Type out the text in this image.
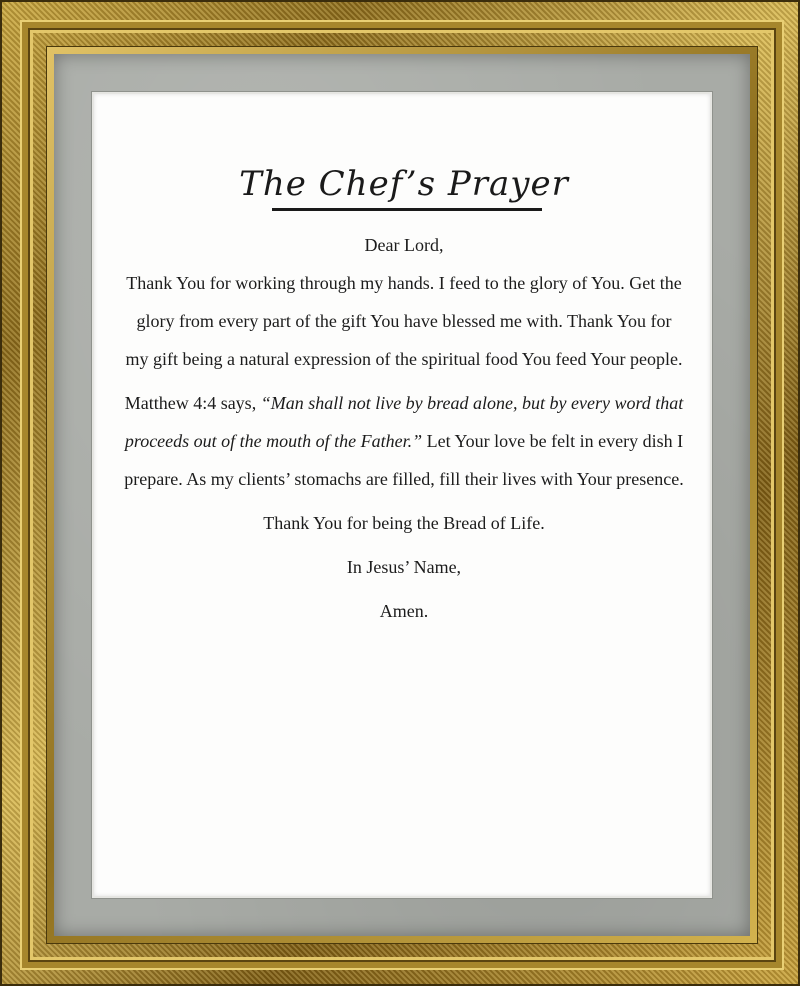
The Chef’s Prayer

Dear Lord,

Thank You for working through my hands. I feed to the glory of You. Get the glory from every part of the gift You have blessed me with. Thank You for my gift being a natural expression of the spiritual food You feed Your people.

Matthew 4:4 says, “Man shall not live by bread alone, but by every word that proceeds out of the mouth of the Father.” Let Your love be felt in every dish I prepare. As my clients’ stomachs are filled, fill their lives with Your presence.

Thank You for being the Bread of Life.

In Jesus’ Name,

Amen.
